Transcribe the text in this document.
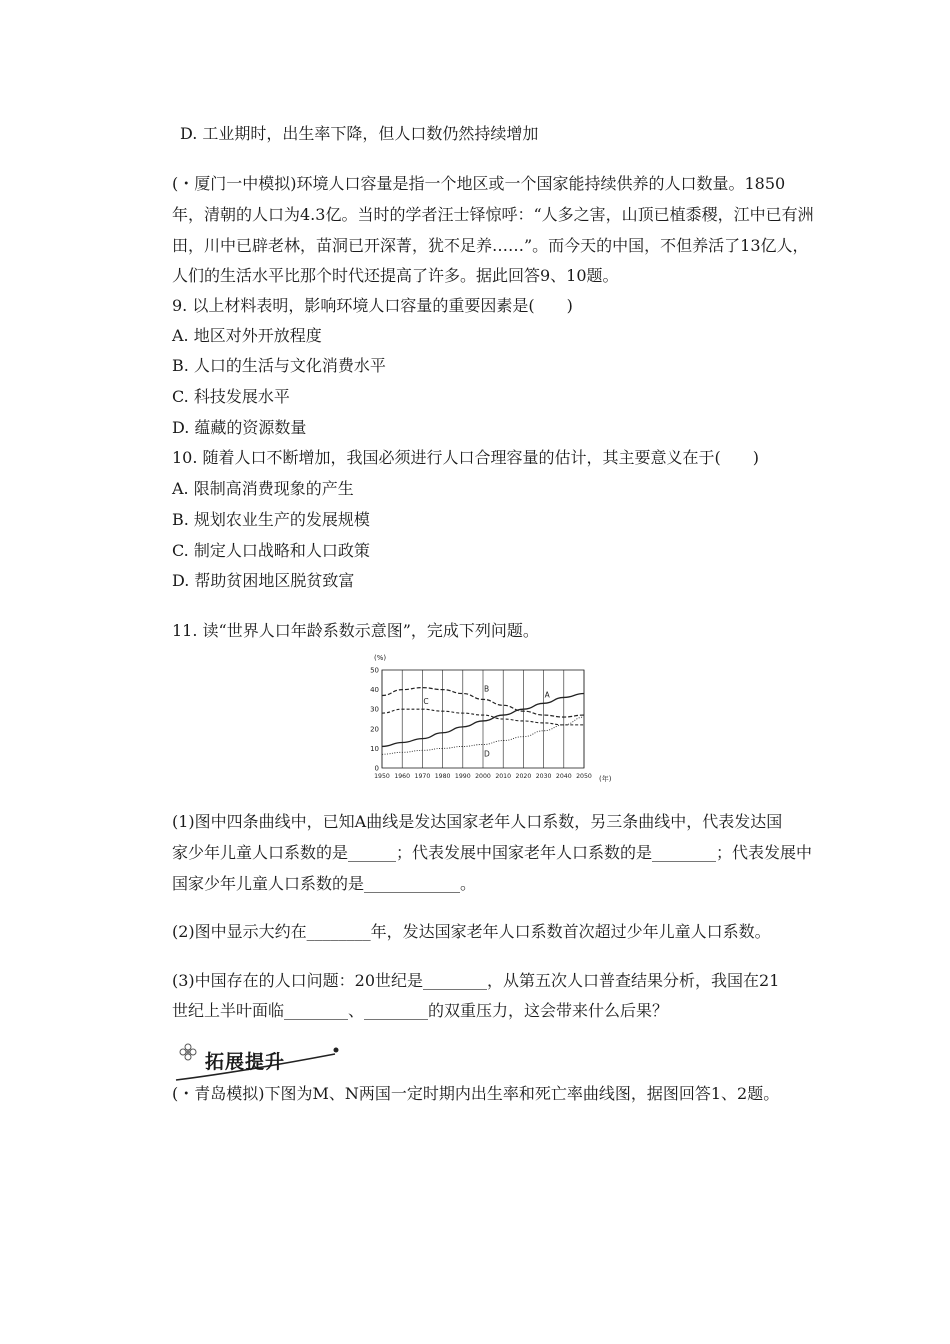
D. 工业期时，出生率下降，但人口数仍然持续增加
(・厦门一中模拟)环境人口容量是指一个地区或一个国家能持续供养的人口数量。1850
年，清朝的人口为4.3亿。当时的学者汪士铎惊呼：“人多之害，山顶已植黍稷，江中已有洲
田，川中已辟老林，苗洞已开深菁，犹不足养……”。而今天的中国，不但养活了13亿人，
人们的生活水平比那个时代还提高了许多。据此回答9、10题。
9. 以上材料表明，影响环境人口容量的重要因素是(　　)
A. 地区对外开放程度
B. 人口的生活与文化消费水平
C. 科技发展水平
D. 蕴藏的资源数量
10. 随着人口不断增加，我国必须进行人口合理容量的估计，其主要意义在于(　　)
A. 限制高消费现象的产生
B. 规划农业生产的发展规模
C. 制定人口战略和人口政策
D. 帮助贫困地区脱贫致富
11. 读“世界人口年龄系数示意图”，完成下列问题。
(%)
(年)
0
10
20
30
40
50
1950 1960 1970 1980 1990 2000 2010 2020 2030 2040 2050
A
B
C
D
(1)图中四条曲线中，已知A曲线是发达国家老年人口系数，另三条曲线中，代表发达国
家少年儿童人口系数的是______；代表发展中国家老年人口系数的是________；代表发展中
国家少年儿童人口系数的是____________。
(2)图中显示大约在________年，发达国家老年人口系数首次超过少年儿童人口系数。
(3)中国存在的人口问题：20世纪是________，从第五次人口普查结果分析，我国在21
世纪上半叶面临________、________的双重压力，这会带来什么后果？
拓展提升
(・青岛模拟)下图为M、N两国一定时期内出生率和死亡率曲线图，据图回答1、2题。
